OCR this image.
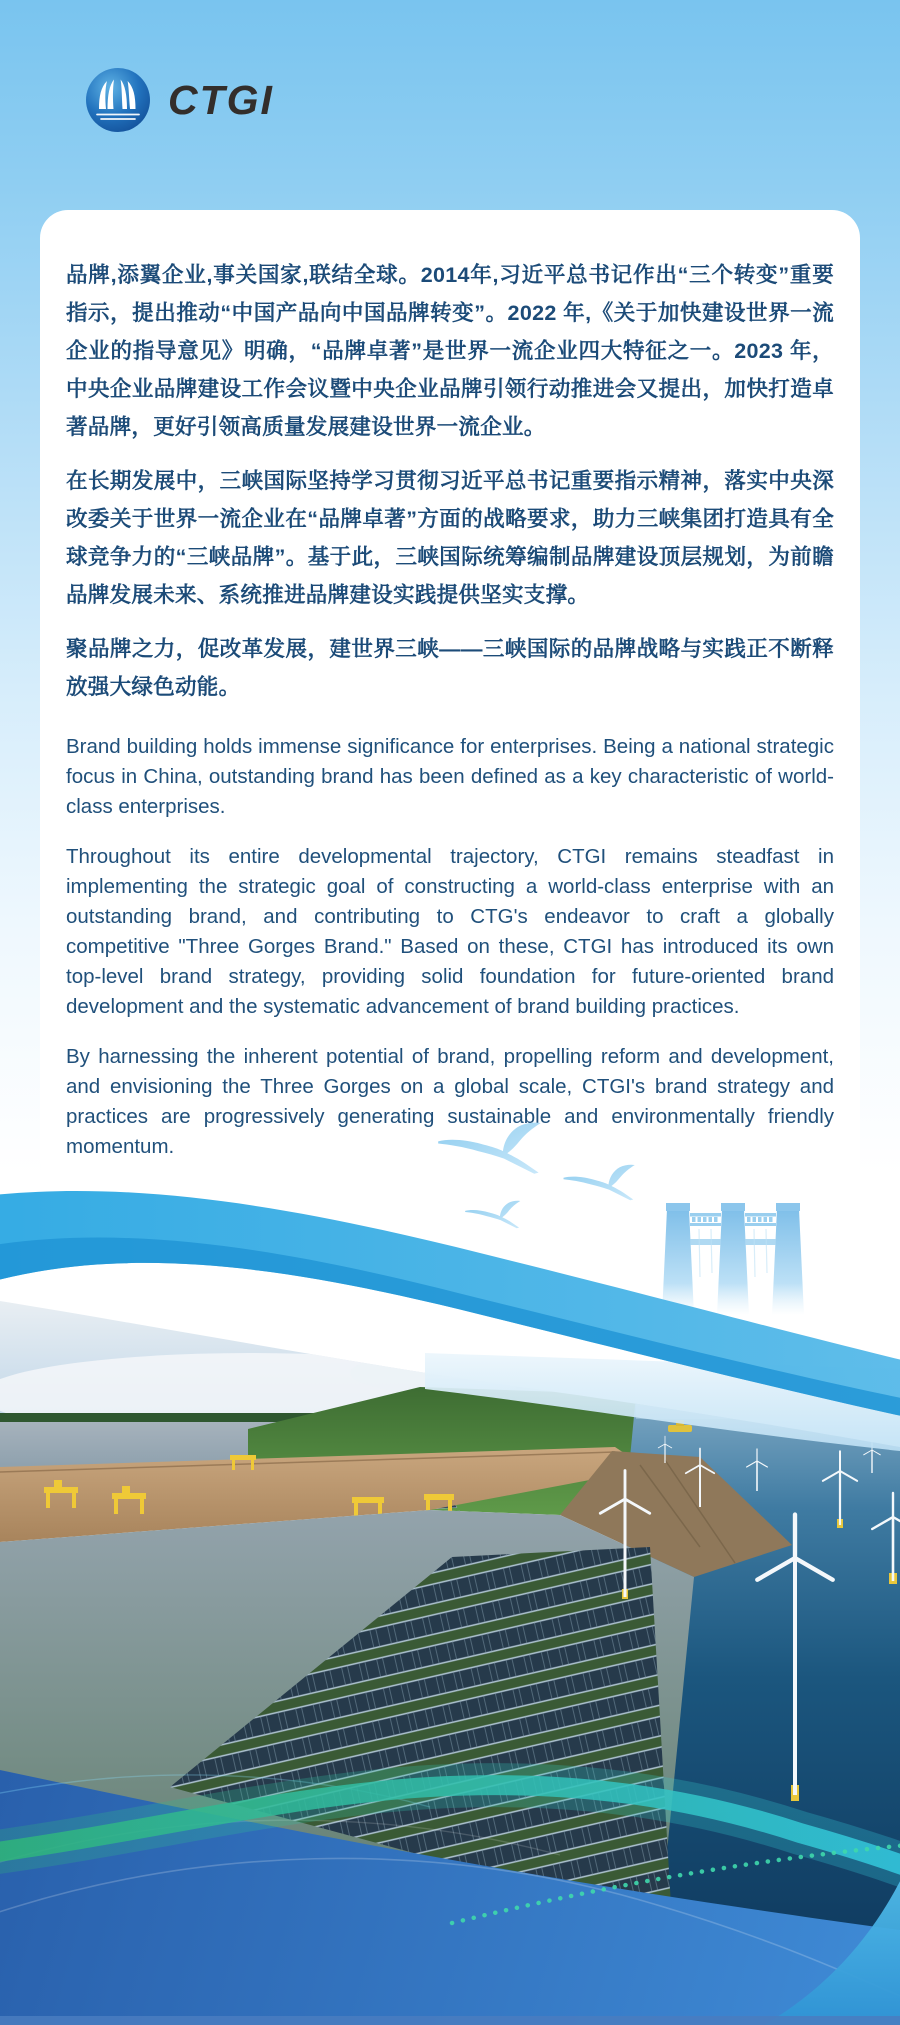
CTGI

品牌,添翼企业,事关国家,联结全球。2014年,习近平总书记作出“三个转变”重要指示，提出推动“中国产品向中国品牌转变”。2022 年,《关于加快建设世界一流企业的指导意见》明确，“品牌卓著”是世界一流企业四大特征之一。2023 年，中央企业品牌建设工作会议暨中央企业品牌引领行动推进会又提出，加快打造卓著品牌，更好引领高质量发展建设世界一流企业。

在长期发展中，三峡国际坚持学习贯彻习近平总书记重要指示精神，落实中央深改委关于世界一流企业在“品牌卓著”方面的战略要求，助力三峡集团打造具有全球竞争力的“三峡品牌”。基于此，三峡国际统筹编制品牌建设顶层规划，为前瞻品牌发展未来、系统推进品牌建设实践提供坚实支撑。

聚品牌之力，促改革发展，建世界三峡——三峡国际的品牌战略与实践正不断释放强大绿色动能。

Brand building holds immense significance for enterprises. Being a national strategic focus in China, outstanding brand has been defined as a key characteristic of world-class enterprises.

Throughout its entire developmental trajectory, CTGI remains steadfast in implementing the strategic goal of constructing a world-class enterprise with an outstanding brand, and contributing to CTG's endeavor to craft a globally competitive "Three Gorges Brand." Based on these, CTGI has introduced its own top-level brand strategy, providing solid foundation for future-oriented brand development and the systematic advancement of brand building practices.

By harnessing the inherent potential of brand, propelling reform and development, and envisioning the Three Gorges on a global scale, CTGI's brand strategy and practices are progressively generating sustainable and environmentally friendly momentum.
